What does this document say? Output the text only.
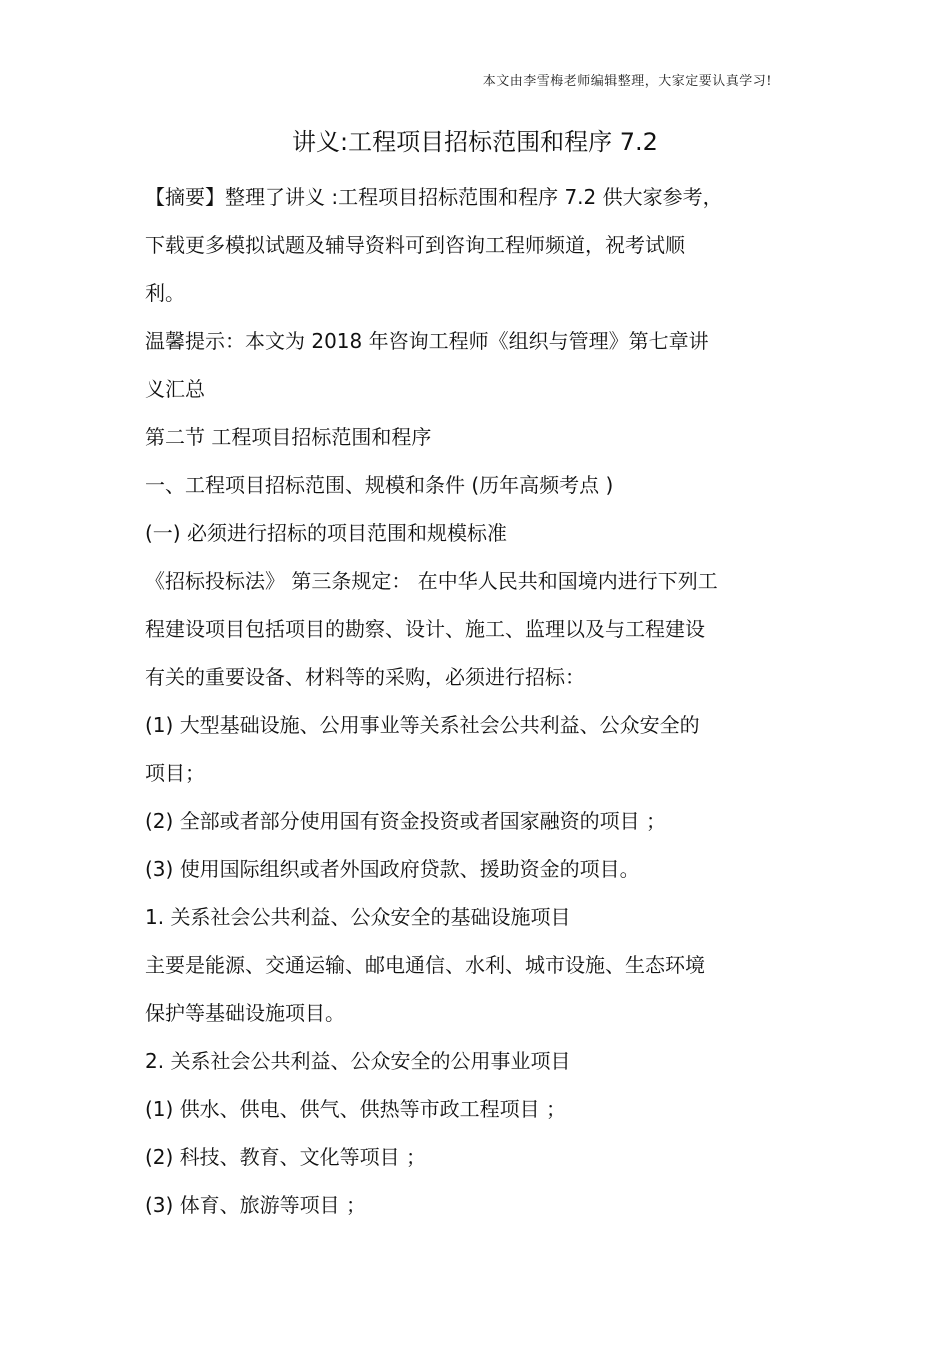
本文由李雪梅老师编辑整理，大家定要认真学习!
讲义:工程项目招标范围和程序 7.2
【摘要】整理了讲义 :工程项目招标范围和程序 7.2 供大家参考，
下载更多模拟试题及辅导资料可到咨询工程师频道，祝考试顺
利。
温馨提示：本文为 2018 年咨询工程师《组织与管理》第七章讲
义汇总
第二节 工程项目招标范围和程序
一、工程项目招标范围、规模和条件 (历年高频考点 )
(一) 必须进行招标的项目范围和规模标准
《招标投标法》 第三条规定： 在中华人民共和国境内进行下列工
程建设项目包括项目的勘察、设计、施工、监理以及与工程建设
有关的重要设备、材料等的采购，必须进行招标：
(1) 大型基础设施、公用事业等关系社会公共利益、公众安全的
项目；
(2) 全部或者部分使用国有资金投资或者国家融资的项目 ；
(3) 使用国际组织或者外国政府贷款、援助资金的项目。
1. 关系社会公共利益、公众安全的基础设施项目
主要是能源、交通运输、邮电通信、水利、城市设施、生态环境
保护等基础设施项目。
2. 关系社会公共利益、公众安全的公用事业项目
(1) 供水、供电、供气、供热等市政工程项目 ；
(2) 科技、教育、文化等项目 ；
(3) 体育、旅游等项目 ；
